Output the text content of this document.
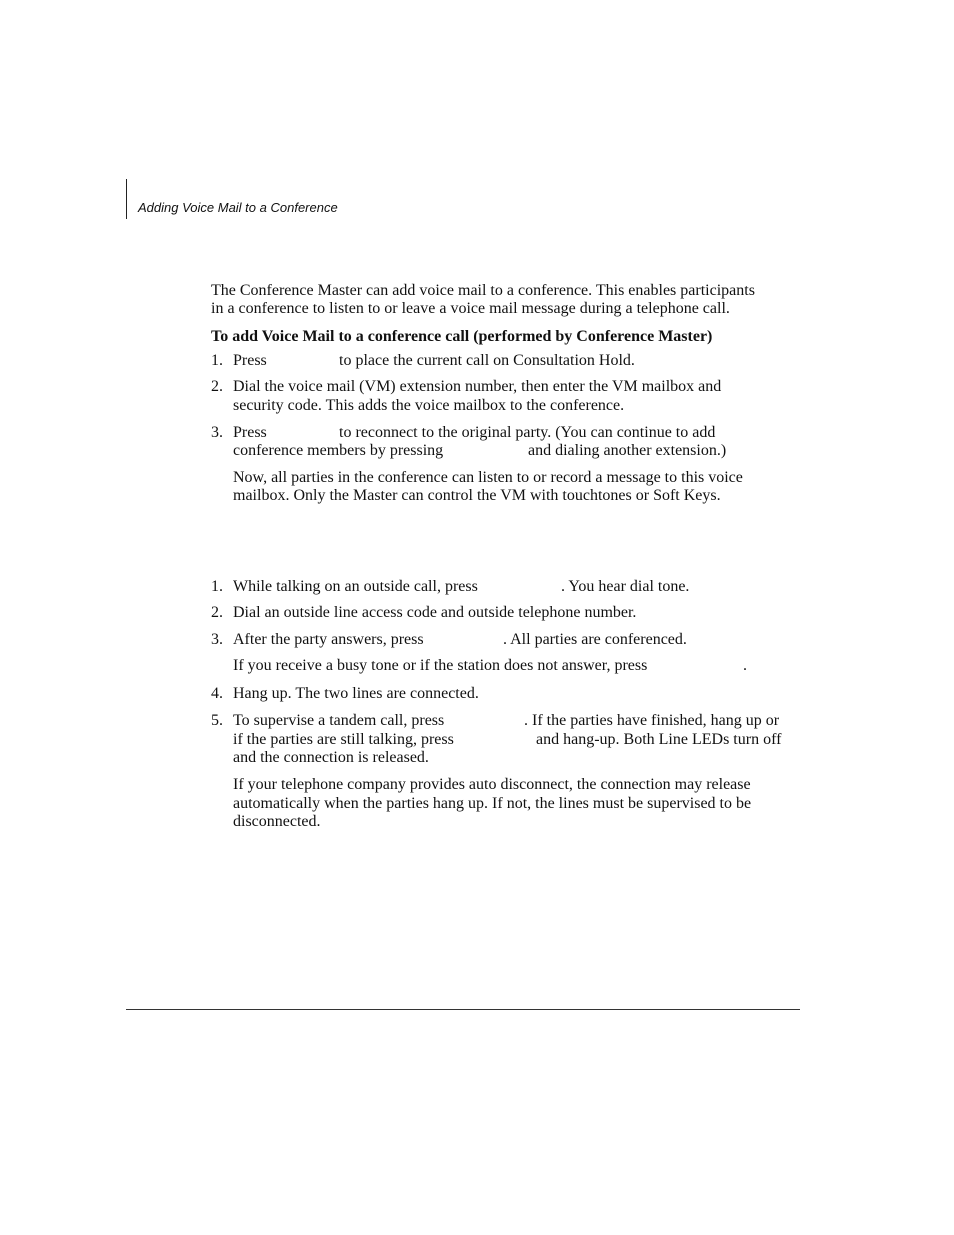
Adding Voice Mail to a Conference
The Conference Master can add voice mail to a conference. This enables participants
in a conference to listen to or leave a voice mail message during a telephone call.
To add Voice Mail to a conference call (performed by Conference Master)
1. Press	to place the current call on Consultation Hold.
2. Dial the voice mail (VM) extension number, then enter the VM mailbox and
security code. This adds the voice mailbox to the conference.
3. Press	to reconnect to the original party. (You can continue to add
conference members by pressing	and dialing another extension.)
Now, all parties in the conference can listen to or record a message to this voice
mailbox. Only the Master can control the VM with touchtones or Soft Keys.
1. While talking on an outside call, press	. You hear dial tone.
2. Dial an outside line access code and outside telephone number.
3. After the party answers, press	. All parties are conferenced.
If you receive a busy tone or if the station does not answer, press	.
4. Hang up. The two lines are connected.
5. To supervise a tandem call, press	. If the parties have finished, hang up or
if the parties are still talking, press	and hang-up. Both Line LEDs turn off
and the connection is released.
If your telephone company provides auto disconnect, the connection may release
automatically when the parties hang up. If not, the lines must be supervised to be
disconnected.
